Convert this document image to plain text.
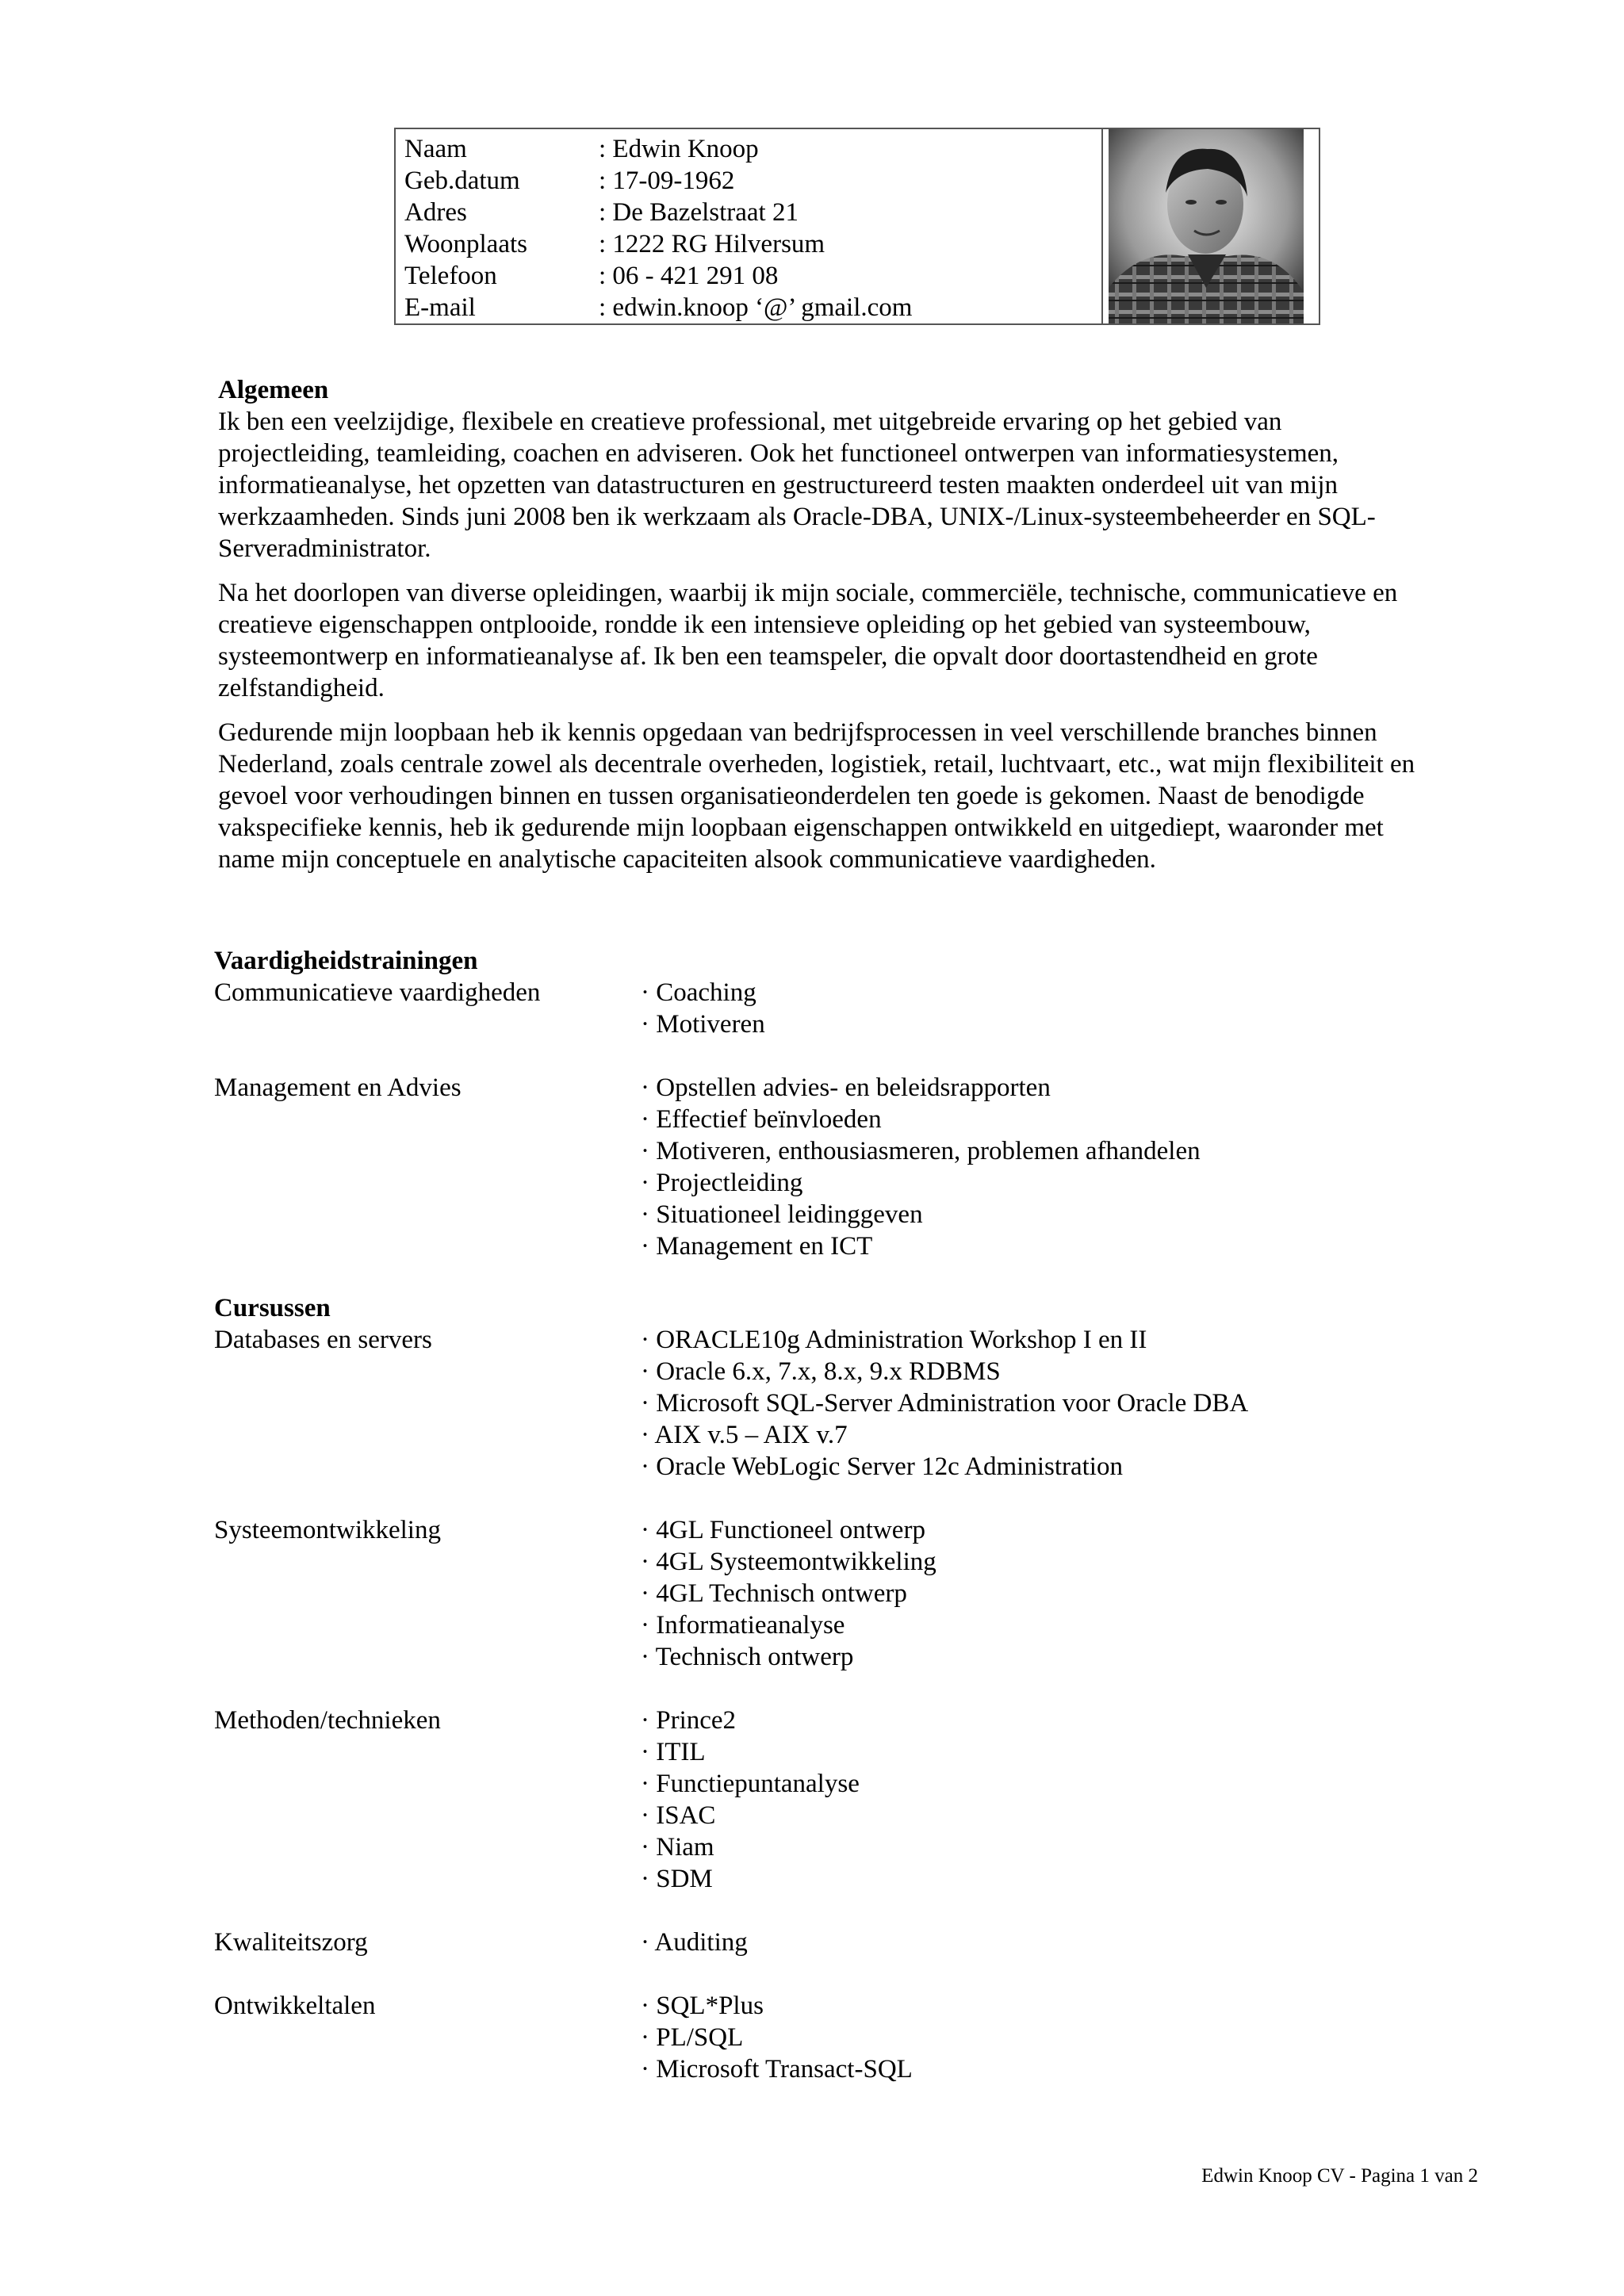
Naam	: Edwin Knoop
Geb.datum	: 17-09-1962
Adres	: De Bazelstraat 21
Woonplaats	: 1222 RG Hilversum
Telefoon	: 06 - 421 291 08
E-mail	: edwin.knoop ‘@’ gmail.com
Algemeen

Ik ben een veelzijdige, flexibele en creatieve professional, met uitgebreide ervaring op het gebied van
projectleiding, teamleiding, coachen en adviseren. Ook het functioneel ontwerpen van informatiesystemen,
informatieanalyse, het opzetten van datastructuren en gestructureerd testen maakten onderdeel uit van mijn
werkzaamheden. Sinds juni 2008 ben ik werkzaam als Oracle-DBA, UNIX-/Linux-systeembeheerder en SQL-
Serveradministrator.

Na het doorlopen van diverse opleidingen, waarbij ik mijn sociale, commerciële, technische, communicatieve en
creatieve eigenschappen ontplooide, rondde ik een intensieve opleiding op het gebied van systeembouw,
systeemontwerp en informatieanalyse af. Ik ben een teamspeler, die opvalt door doortastendheid en grote
zelfstandigheid.

Gedurende mijn loopbaan heb ik kennis opgedaan van bedrijfsprocessen in veel verschillende branches binnen
Nederland, zoals centrale zowel als decentrale overheden, logistiek, retail, luchtvaart, etc., wat mijn flexibiliteit en
gevoel voor verhoudingen binnen en tussen organisatieonderdelen ten goede is gekomen. Naast de benodigde
vakspecifieke kennis, heb ik gedurende mijn loopbaan eigenschappen ontwikkeld en uitgediept, waaronder met
name mijn conceptuele en analytische capaciteiten alsook communicatieve vaardigheden.

Vaardigheidstrainingen
Communicatieve vaardigheden	· Coaching
· Motiveren
Management en Advies	· Opstellen advies- en beleidsrapporten
· Effectief beïnvloeden
· Motiveren, enthousiasmeren, problemen afhandelen
· Projectleiding
· Situationeel leidinggeven
· Management en ICT
Cursussen
Databases en servers	· ORACLE10g Administration Workshop I en II
· Oracle 6.x, 7.x, 8.x, 9.x RDBMS
· Microsoft SQL-Server Administration voor Oracle DBA
· AIX v.5 – AIX v.7
· Oracle WebLogic Server 12c Administration
Systeemontwikkeling	· 4GL Functioneel ontwerp
· 4GL Systeemontwikkeling
· 4GL Technisch ontwerp
· Informatieanalyse
· Technisch ontwerp
Methoden/technieken	· Prince2
· ITIL
· Functiepuntanalyse
· ISAC
· Niam
· SDM
Kwaliteitszorg	· Auditing
Ontwikkeltalen	· SQL*Plus
· PL/SQL
· Microsoft Transact-SQL
Edwin Knoop CV - Pagina 1 van 2
